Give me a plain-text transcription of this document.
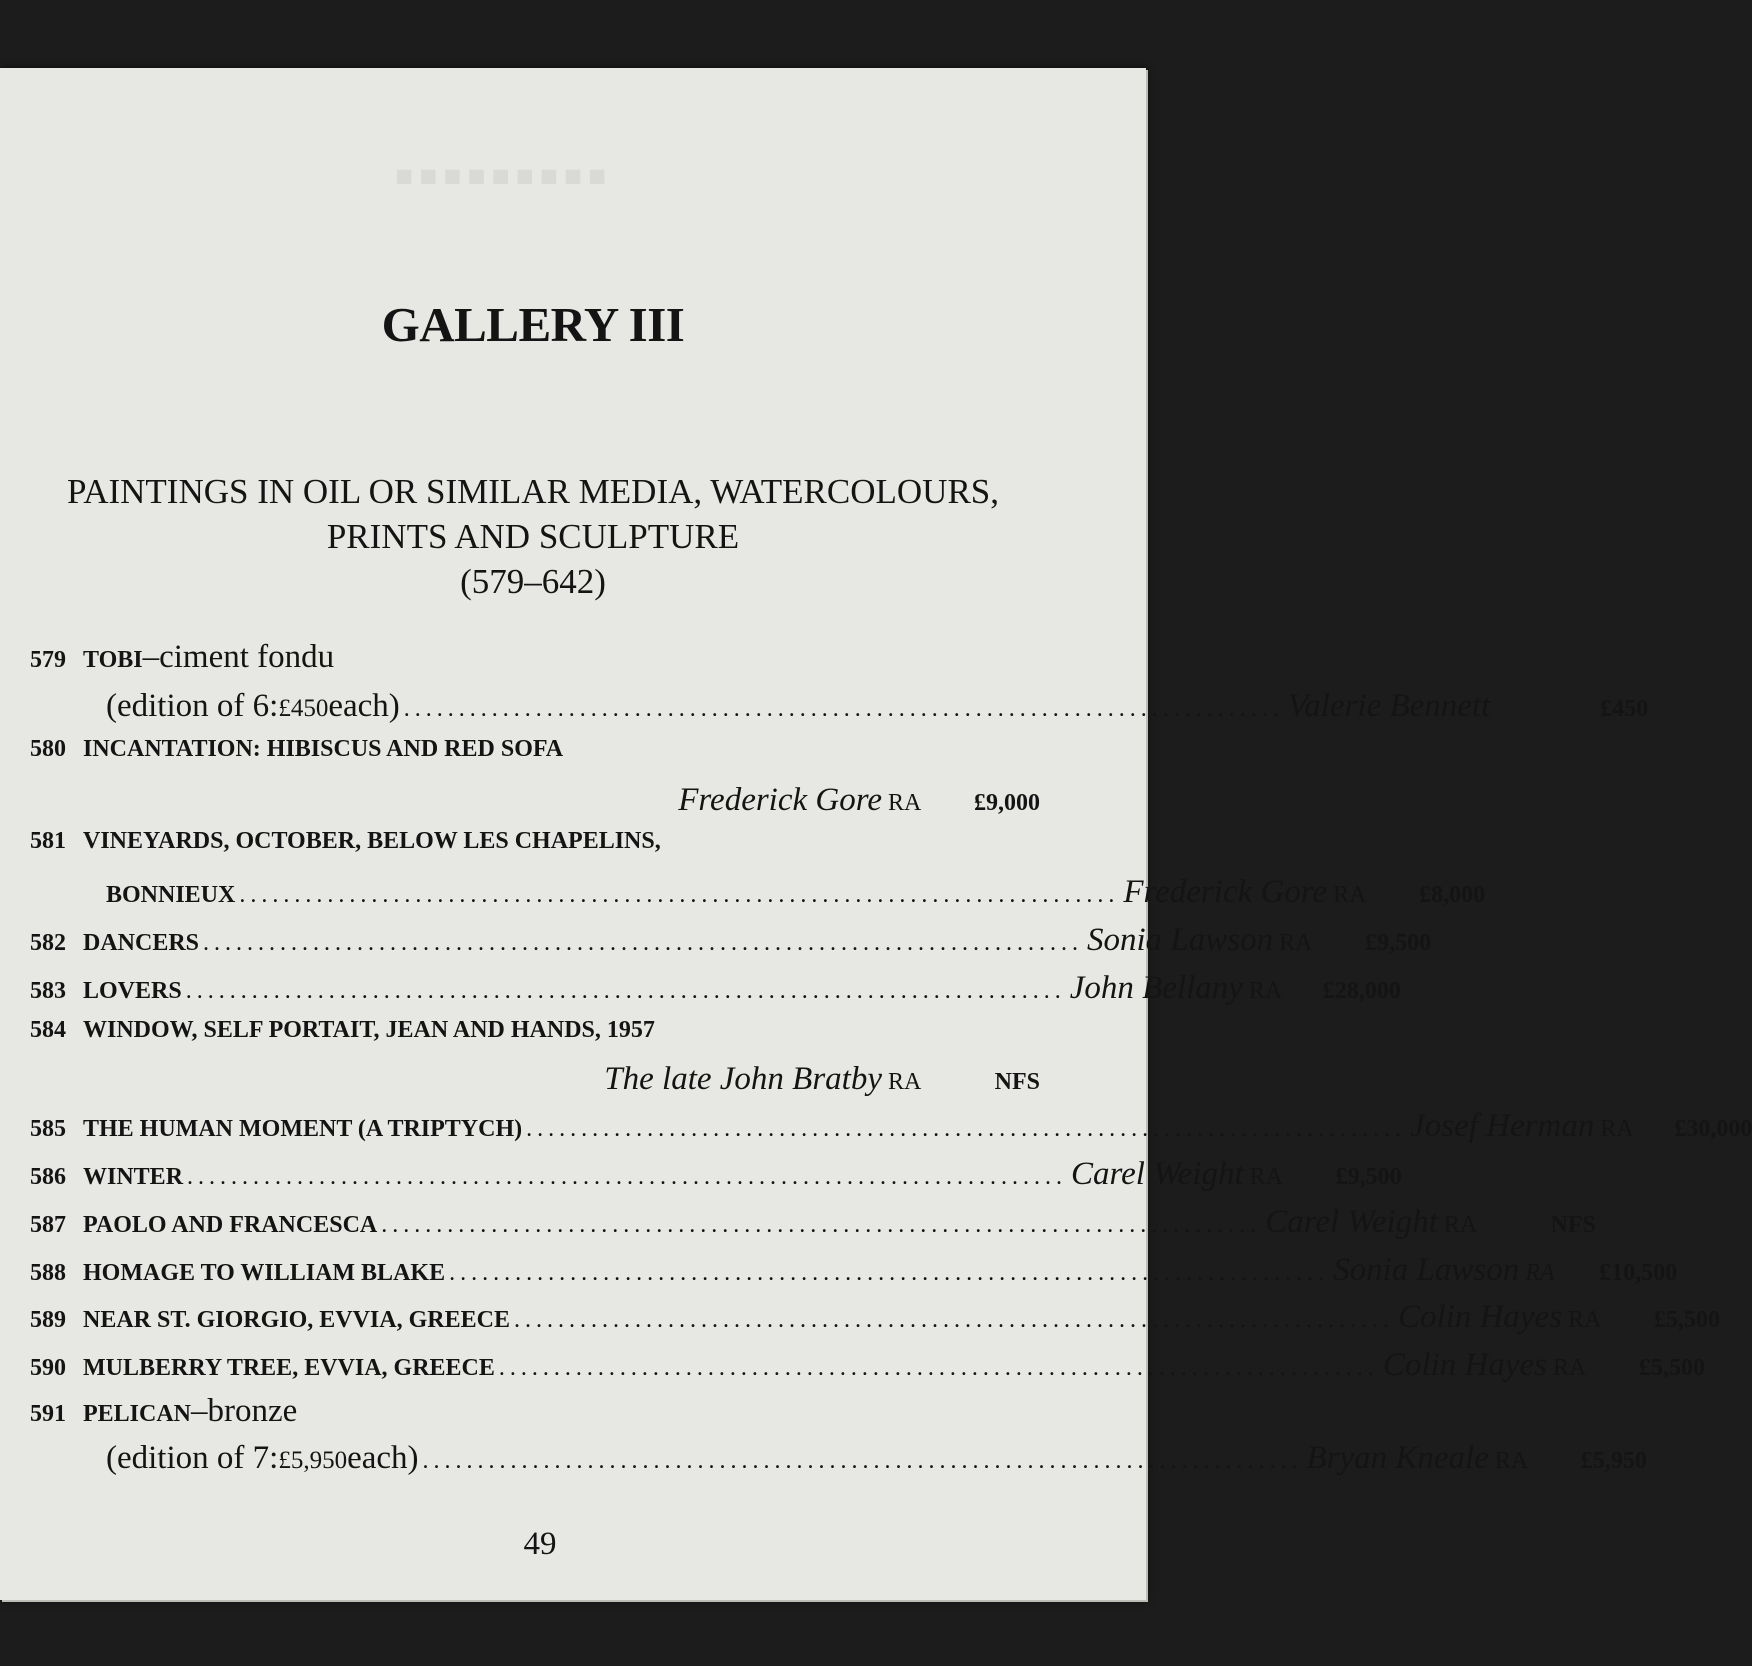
■■■■■■■■■
GALLERY III
PAINTINGS IN OIL OR SIMILAR MEDIA, WATERCOLOURS,
PRINTS AND SCULPTURE
(579–642)
579 TOBI – ciment fondu
(edition of 6: £450 each) ................................................................................ Valerie Bennett	£450
580 INCANTATION: HIBISCUS AND RED SOFA
Frederick Gore RA	£9,000
581 VINEYARDS, OCTOBER, BELOW LES CHAPELINS,
BONNIEUX ................................................................................ Frederick Gore RA	£8,000
582 DANCERS ................................................................................ Sonia Lawson RA	£9,500
583 LOVERS ................................................................................ John Bellany RA	£28,000
584 WINDOW, SELF PORTAIT, JEAN AND HANDS, 1957
The late John Bratby RA	NFS
585 THE HUMAN MOMENT (A TRIPTYCH) ................................................................................ Josef Herman RA	£30,000
586 WINTER ................................................................................ Carel Weight RA	£9,500
587 PAOLO AND FRANCESCA ................................................................................ Carel Weight RA	NFS
588 HOMAGE TO WILLIAM BLAKE ................................................................................ Sonia Lawson RA	£10,500
589 NEAR ST. GIORGIO, EVVIA, GREECE ................................................................................ Colin Hayes RA	£5,500
590 MULBERRY TREE, EVVIA, GREECE ................................................................................ Colin Hayes RA	£5,500
591 PELICAN – bronze
(edition of 7: £5,950 each) ................................................................................ Bryan Kneale RA	£5,950
49
